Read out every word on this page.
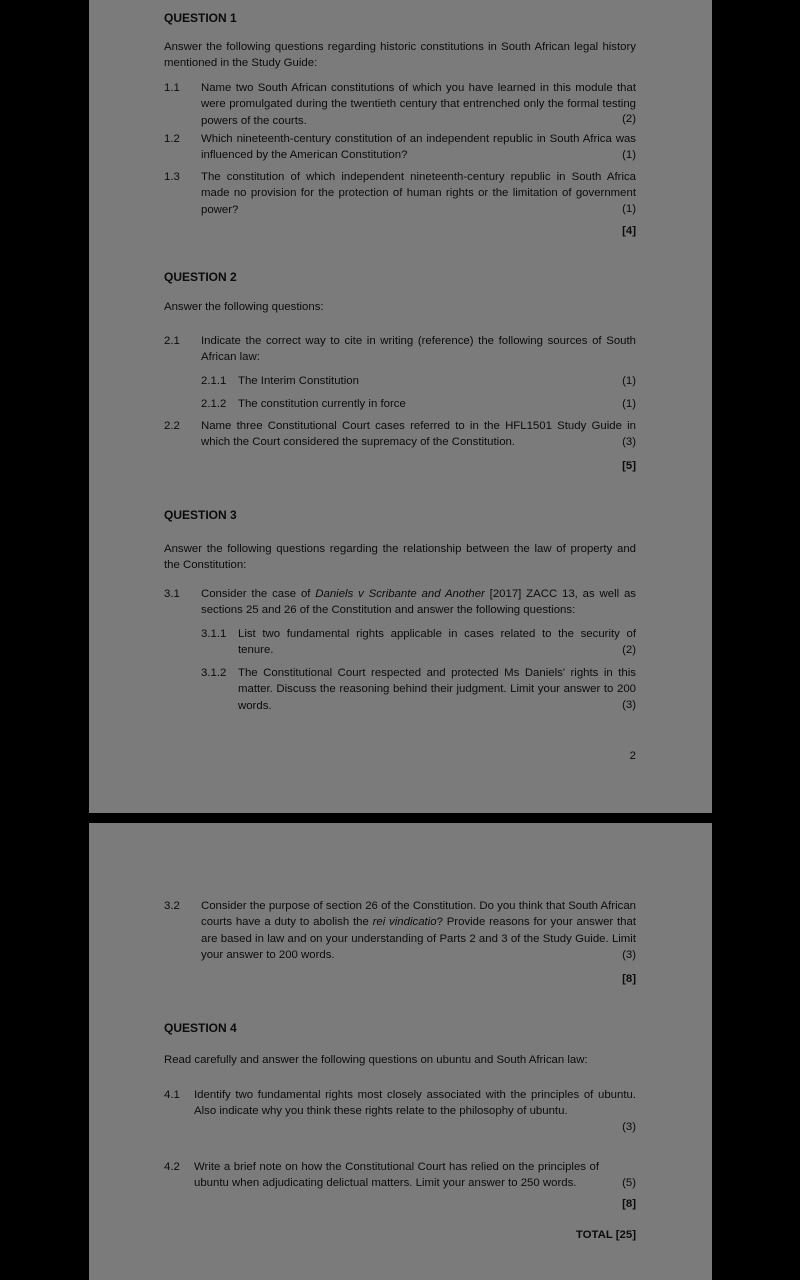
QUESTION 1
Answer the following questions regarding historic constitutions in South African legal history mentioned in the Study Guide:
1.1 Name two South African constitutions of which you have learned in this module that were promulgated during the twentieth century that entrenched only the formal testing powers of the courts.	(2)
1.2 Which nineteenth-century constitution of an independent republic in South Africa was influenced by the American Constitution?	(1)
1.3 The constitution of which independent nineteenth-century republic in South Africa made no provision for the protection of human rights or the limitation of government power?	(1)
[4]
QUESTION 2
Answer the following questions:
2.1 Indicate the correct way to cite in writing (reference) the following sources of South African law:
2.1.1 The Interim Constitution	(1)
2.1.2 The constitution currently in force	(1)
2.2 Name three Constitutional Court cases referred to in the HFL1501 Study Guide in which the Court considered the supremacy of the Constitution.	(3)
[5]
QUESTION 3
Answer the following questions regarding the relationship between the law of property and the Constitution:
3.1 Consider the case of Daniels v Scribante and Another [2017] ZACC 13, as well as sections 25 and 26 of the Constitution and answer the following questions:
3.1.1 List two fundamental rights applicable in cases related to the security of tenure.	(2)
3.1.2 The Constitutional Court respected and protected Ms Daniels' rights in this matter. Discuss the reasoning behind their judgment. Limit your answer to 200 words.	(3)
2
3.2 Consider the purpose of section 26 of the Constitution. Do you think that South African courts have a duty to abolish the rei vindicatio? Provide reasons for your answer that are based in law and on your understanding of Parts 2 and 3 of the Study Guide. Limit your answer to 200 words.	(3)
[8]
QUESTION 4
Read carefully and answer the following questions on ubuntu and South African law:
4.1 Identify two fundamental rights most closely associated with the principles of ubuntu. Also indicate why you think these rights relate to the philosophy of ubuntu.
(3)
4.2 Write a brief note on how the Constitutional Court has relied on the principles of ubuntu when adjudicating delictual matters. Limit your answer to 250 words.	(5)
[8]
TOTAL [25]
